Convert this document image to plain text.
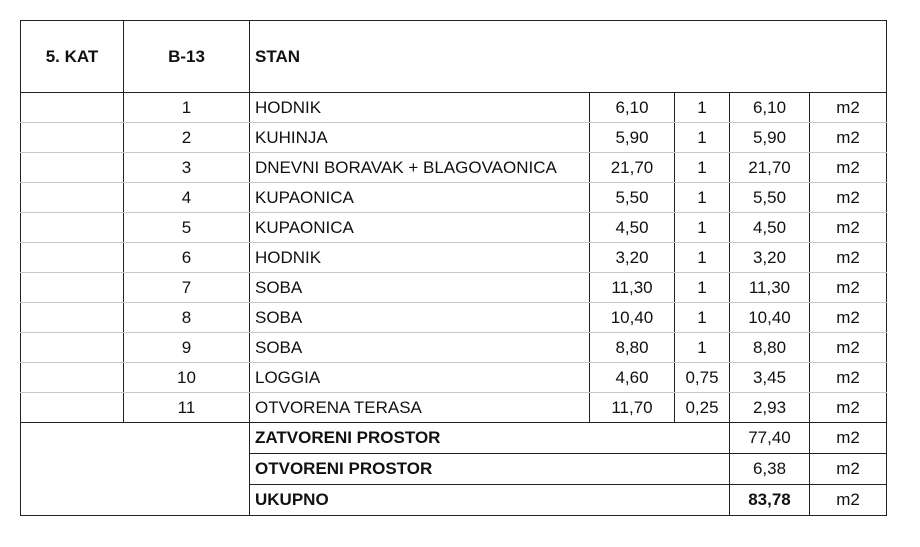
5. KAT	B-13	STAN				
	1	HODNIK	6,10	1	6,10	m2
	2	KUHINJA	5,90	1	5,90	m2
	3	DNEVNI BORAVAK + BLAGOVAONICA	21,70	1	21,70	m2
	4	KUPAONICA	5,50	1	5,50	m2
	5	KUPAONICA	4,50	1	4,50	m2
	6	HODNIK	3,20	1	3,20	m2
	7	SOBA	11,30	1	11,30	m2
	8	SOBA	10,40	1	10,40	m2
	9	SOBA	8,80	1	8,80	m2
	10	LOGGIA	4,60	0,75	3,45	m2
	11	OTVORENA TERASA	11,70	0,25	2,93	m2
		ZATVORENI PROSTOR			77,40	m2
		OTVORENI PROSTOR			6,38	m2
		UKUPNO			83,78	m2
